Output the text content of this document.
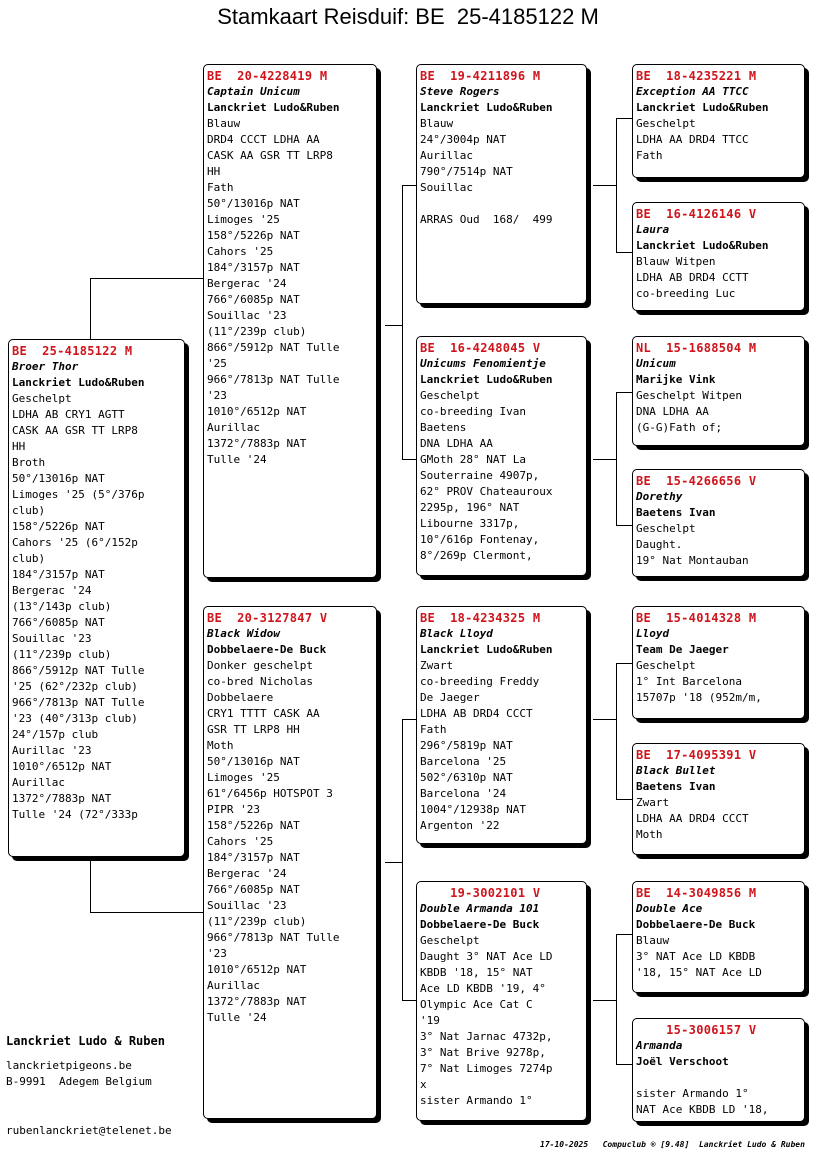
Stamkaart Reisduif: BE  25-4185122 M
BE  25-4185122 M
Broer Thor
Lanckriet Ludo&Ruben
Geschelpt
LDHA AB CRY1 AGTT
CASK AA GSR TT LRP8
HH
Broth
50°/13016p NAT
Limoges '25 (5°/376p
club)
158°/5226p NAT
Cahors '25 (6°/152p
club)
184°/3157p NAT
Bergerac '24
(13°/143p club)
766°/6085p NAT
Souillac '23
(11°/239p club)
866°/5912p NAT Tulle
'25 (62°/232p club)
966°/7813p NAT Tulle
'23 (40°/313p club)
24°/157p club
Aurillac '23
1010°/6512p NAT
Aurillac
1372°/7883p NAT
Tulle '24 (72°/333p
BE  20-4228419 M
Captain Unicum
Lanckriet Ludo&Ruben
Blauw
DRD4 CCCT LDHA AA
CASK AA GSR TT LRP8
HH
Fath
50°/13016p NAT
Limoges '25
158°/5226p NAT
Cahors '25
184°/3157p NAT
Bergerac '24
766°/6085p NAT
Souillac '23
(11°/239p club)
866°/5912p NAT Tulle
'25
966°/7813p NAT Tulle
'23
1010°/6512p NAT
Aurillac
1372°/7883p NAT
Tulle '24
BE  20-3127847 V
Black Widow
Dobbelaere-De Buck
Donker geschelpt
co-bred Nicholas
Dobbelaere
CRY1 TTTT CASK AA
GSR TT LRP8 HH
Moth
50°/13016p NAT
Limoges '25
61°/6456p HOTSPOT 3
PIPR '23
158°/5226p NAT
Cahors '25
184°/3157p NAT
Bergerac '24
766°/6085p NAT
Souillac '23
(11°/239p club)
966°/7813p NAT Tulle
'23
1010°/6512p NAT
Aurillac
1372°/7883p NAT
Tulle '24
BE  19-4211896 M
Steve Rogers
Lanckriet Ludo&Ruben
Blauw
24°/3004p NAT
Aurillac
790°/7514p NAT
Souillac
ARRAS Oud  168/  499
BE  16-4248045 V
Unicums Fenomientje
Lanckriet Ludo&Ruben
Geschelpt
co-breeding Ivan
Baetens
DNA LDHA AA
GMoth 28° NAT La
Souterraine 4907p,
62° PROV Chateauroux
2295p, 196° NAT
Libourne 3317p,
10°/616p Fontenay,
8°/269p Clermont,
BE  18-4234325 M
Black Lloyd
Lanckriet Ludo&Ruben
Zwart
co-breeding Freddy
De Jaeger
LDHA AB DRD4 CCCT
Fath
296°/5819p NAT
Barcelona '25
502°/6310p NAT
Barcelona '24
1004°/12938p NAT
Argenton '22
19-3002101 V
Double Armanda 101
Dobbelaere-De Buck
Geschelpt
Daught 3° NAT Ace LD
KBDB '18, 15° NAT
Ace LD KBDB '19, 4°
Olympic Ace Cat C
'19
3° Nat Jarnac 4732p,
3° Nat Brive 9278p,
7° Nat Limoges 7274p
x
sister Armando 1°
BE  18-4235221 M
Exception AA TTCC
Lanckriet Ludo&Ruben
Geschelpt
LDHA AA DRD4 TTCC
Fath
BE  16-4126146 V
Laura
Lanckriet Ludo&Ruben
Blauw Witpen
LDHA AB DRD4 CCTT
co-breeding Luc
NL  15-1688504 M
Unicum
Marijke Vink
Geschelpt Witpen
DNA LDHA AA
(G-G)Fath of;
BE  15-4266656 V
Dorethy
Baetens Ivan
Geschelpt
Daught.
19° Nat Montauban
BE  15-4014328 M
Lloyd
Team De Jaeger
Geschelpt
1° Int Barcelona
15707p '18 (952m/m,
BE  17-4095391 V
Black Bullet
Baetens Ivan
Zwart
LDHA AA DRD4 CCCT
Moth
BE  14-3049856 M
Double Ace
Dobbelaere-De Buck
Blauw
3° NAT Ace LD KBDB
'18, 15° NAT Ace LD
15-3006157 V
Armanda
Joël Verschoot
sister Armando 1°
NAT Ace KBDB LD '18,
Lanckriet Ludo & Ruben
lanckrietpigeons.be
B-9991  Adegem Belgium
rubenlanckriet@telenet.be
17-10-2025   Compuclub ® [9.48]  Lanckriet Ludo & Ruben
